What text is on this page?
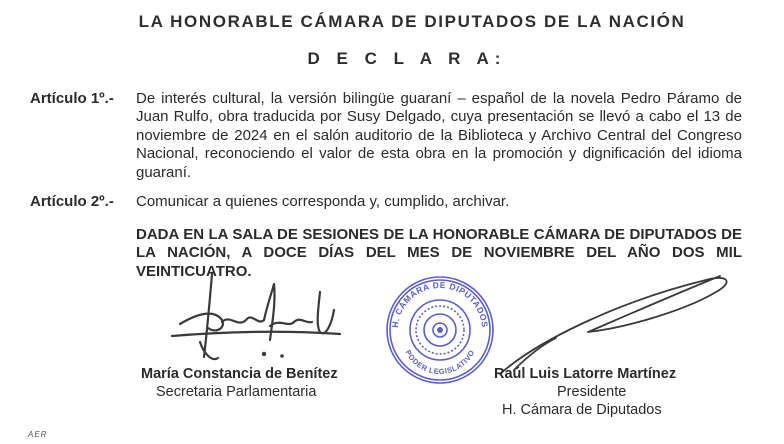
LA HONORABLE CÁMARA DE DIPUTADOS DE LA NACIÓN
D E C L A R A:
Artículo 1º.- De interés cultural, la versión bilingüe guaraní – español de la novela Pedro Páramo de Juan Rulfo, obra traducida por Susy Delgado, cuya presentación se llevó a cabo el 13 de noviembre de 2024 en el salón auditorio de la Biblioteca y Archivo Central del Congreso Nacional, reconociendo el valor de esta obra en la promoción y dignificación del idioma guaraní.
Artículo 2º.- Comunicar a quienes corresponda y, cumplido, archivar.
DADA EN LA SALA DE SESIONES DE LA HONORABLE CÁMARA DE DIPUTADOS DE LA NACIÓN, A DOCE DÍAS DEL MES DE NOVIEMBRE DEL AÑO DOS MIL VEINTICUATRO.
H. CÁMARA DE DIPUTADOS
PODER LEGISLATIVO
María Constancia de Benítez
Secretaria Parlamentaria
Raúl Luis Latorre Martínez
Presidente
H. Cámara de Diputados
AER
